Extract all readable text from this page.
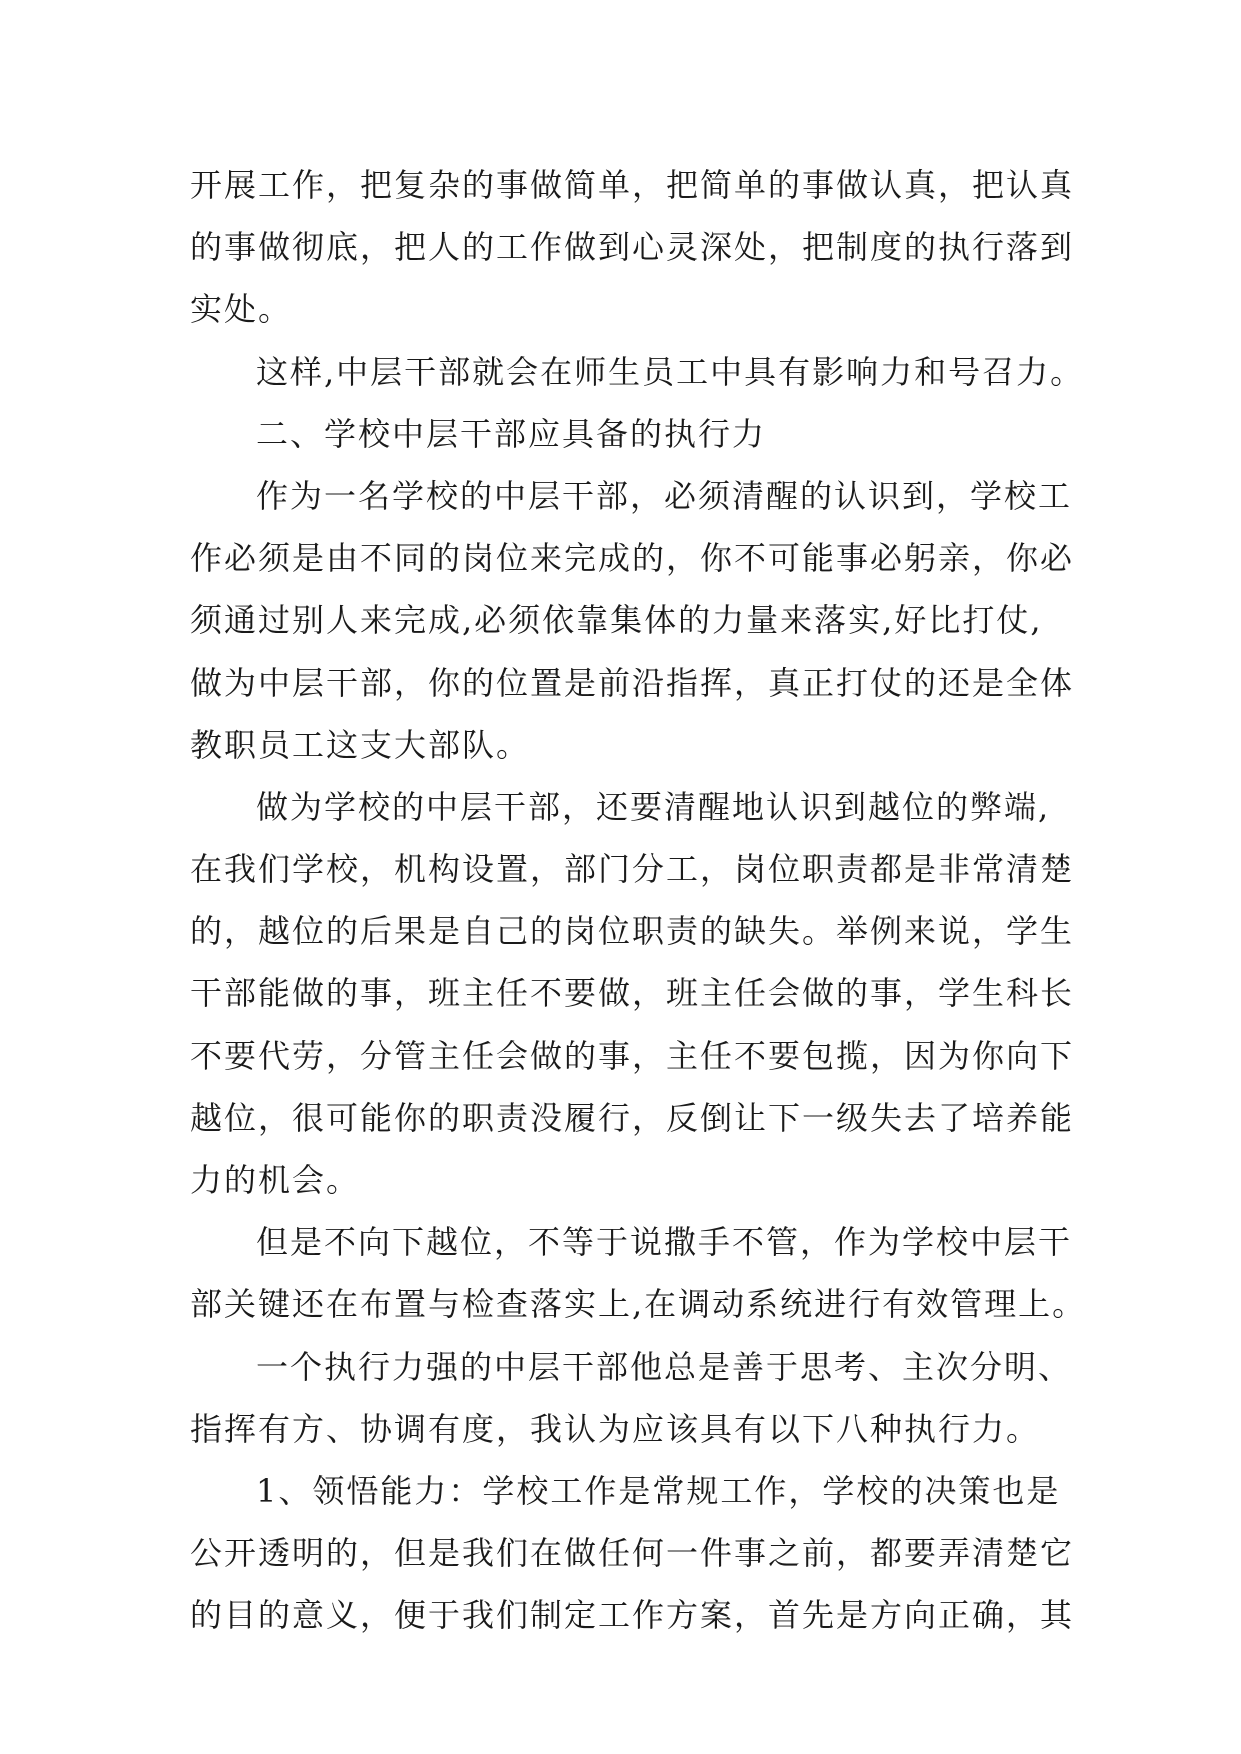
开展工作，把复杂的事做简单，把简单的事做认真，把认真
的事做彻底，把人的工作做到心灵深处，把制度的执行落到
实处。
这样,中层干部就会在师生员工中具有影响力和号召力。
二、学校中层干部应具备的执行力
作为一名学校的中层干部，必须清醒的认识到，学校工
作必须是由不同的岗位来完成的，你不可能事必躬亲，你必
须通过别人来完成,必须依靠集体的力量来落实,好比打仗,
做为中层干部，你的位置是前沿指挥，真正打仗的还是全体
教职员工这支大部队。
做为学校的中层干部，还要清醒地认识到越位的弊端,
在我们学校，机构设置，部门分工，岗位职责都是非常清楚
的，越位的后果是自己的岗位职责的缺失。举例来说，学生
干部能做的事，班主任不要做，班主任会做的事，学生科长
不要代劳，分管主任会做的事，主任不要包揽，因为你向下
越位，很可能你的职责没履行，反倒让下一级失去了培养能
力的机会。
但是不向下越位，不等于说撒手不管，作为学校中层干
部关键还在布置与检查落实上,在调动系统进行有效管理上。
一个执行力强的中层干部他总是善于思考、主次分明、
指挥有方、协调有度，我认为应该具有以下八种执行力。
1、领悟能力：学校工作是常规工作，学校的决策也是
公开透明的，但是我们在做任何一件事之前，都要弄清楚它
的目的意义，便于我们制定工作方案，首先是方向正确，其
